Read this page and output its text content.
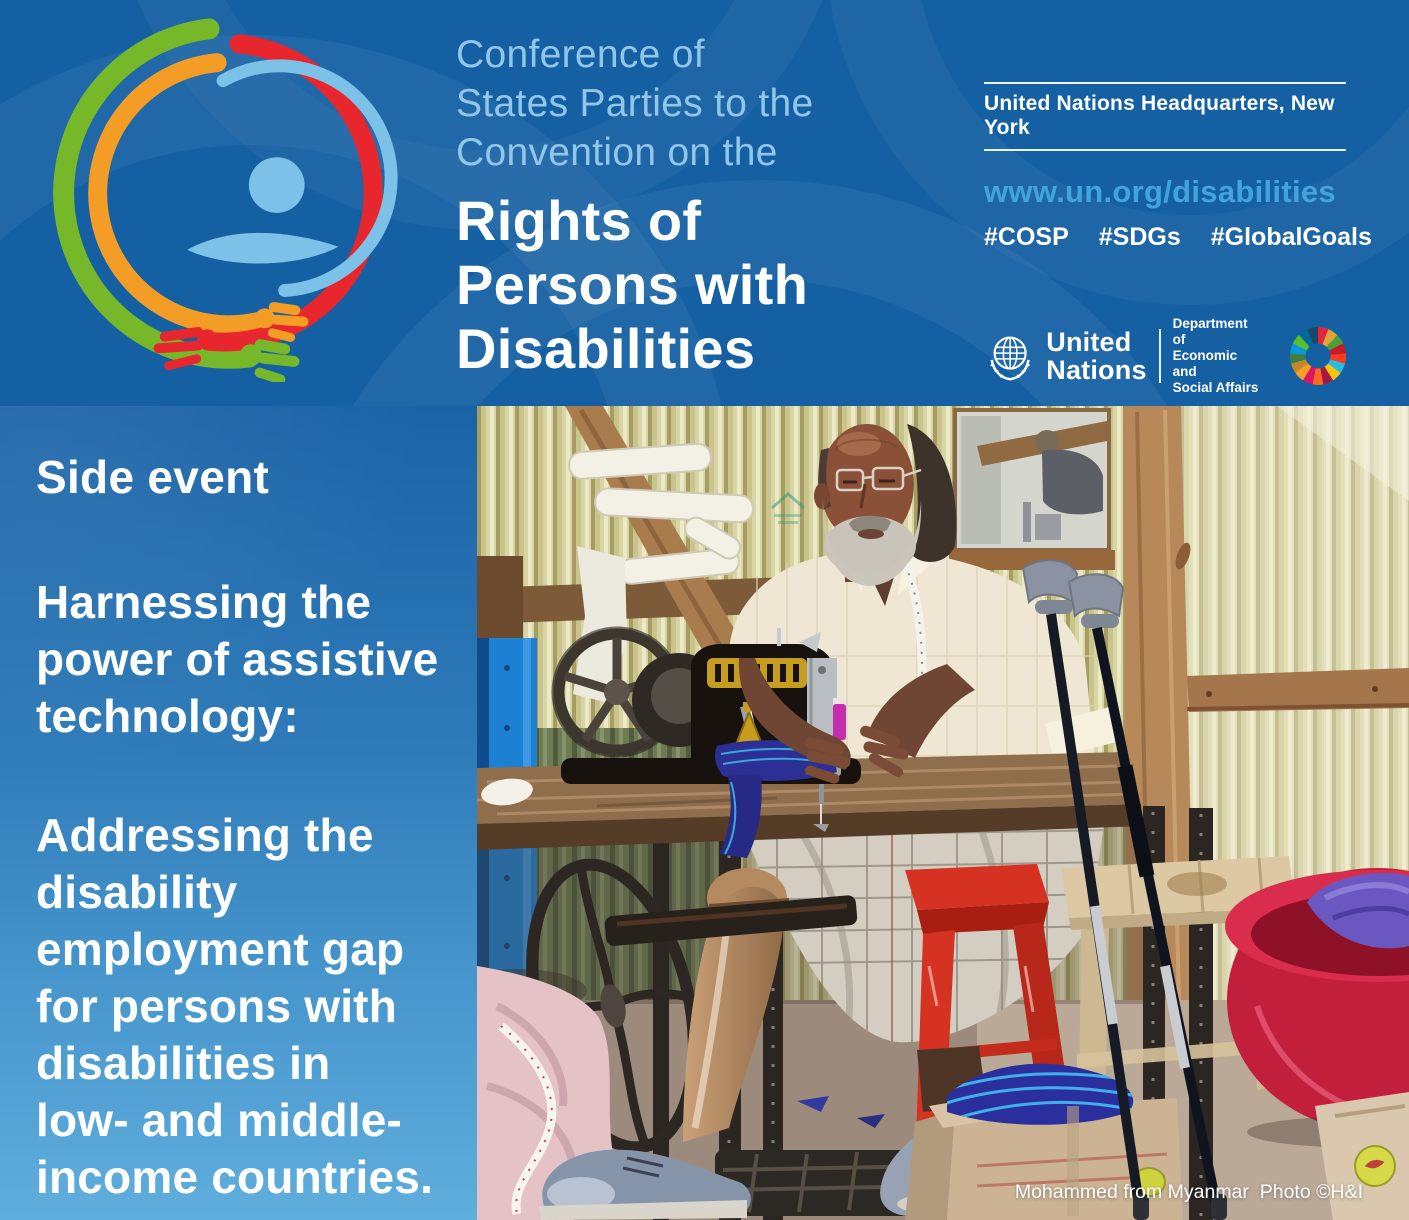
Conference of
States Parties to the
Convention on the
Rights of
Persons with
Disabilities
United Nations Headquarters, New York
www.un.org/disabilities
#COSP #SDGs #GlobalGoals
United
Nations
Department of
Economic and
Social Affairs
Side event
Harnessing the
power of assistive
technology:
Addressing the
disability
employment gap
for persons with
disabilities in
low- and middle-
income countries.	Mohammed from Myanmar  Photo ©H&I
